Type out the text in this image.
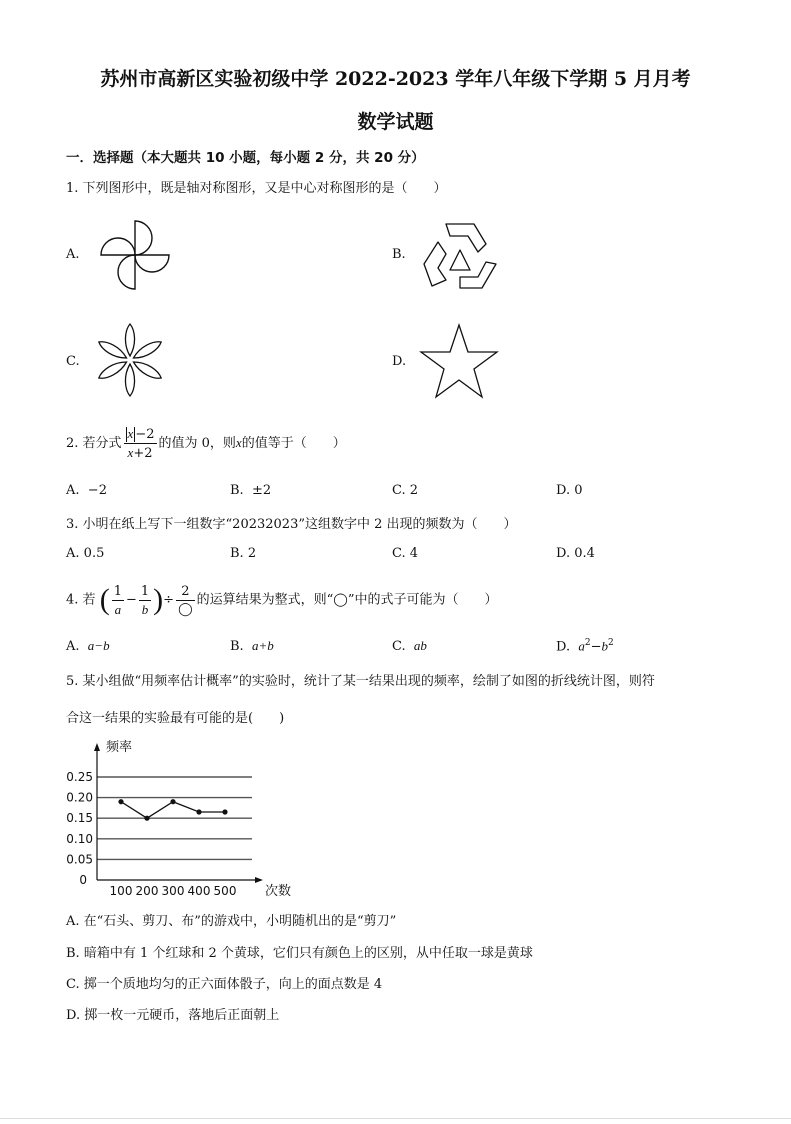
苏州市高新区实验初级中学 2022-2023 学年八年级下学期 5 月月考
数学试题
一．选择题（本大题共 10 小题，每小题 2 分，共 20 分）
1. 下列图形中，既是轴对称图形，又是中心对称图形的是（　　）
A.	B.
C.	D.
2. 若分式 $\frac{x -2}{x+2}$ 的值为 0，则x的值等于（　　）
A. −2	B. ±2	C. 2	D. 0
3. 小明在纸上写下一组数字“20232023”这组数字中 2 出现的频数为（　　）
A. 0.5	B. 2	C. 4	D. 0.4
4. 若 ( $\frac{1}{a} - \frac{1}{b}$ )÷ $\frac{2}{◯}$ 的运算结果为整式，则“◯”中的式子可能为（　　）
A. a−b	B. a+b	C. ab	D. $a^2-b^2$
5. 某小组做“用频率估计概率”的实验时，统计了某一结果出现的频率，绘制了如图的折线统计图，则符
合这一结果的实验最有可能的是(　　)
0.05
0.10
0.15
0.20
0.25
0
100 200 300 400 500
频率
次数
A. 在“石头、剪刀、布”的游戏中，小明随机出的是“剪刀”
B. 暗箱中有 1 个红球和 2 个黄球，它们只有颜色上的区别，从中任取一球是黄球
C. 掷一个质地均匀的正六面体骰子，向上的面点数是 4
D. 掷一枚一元硬币，落地后正面朝上
